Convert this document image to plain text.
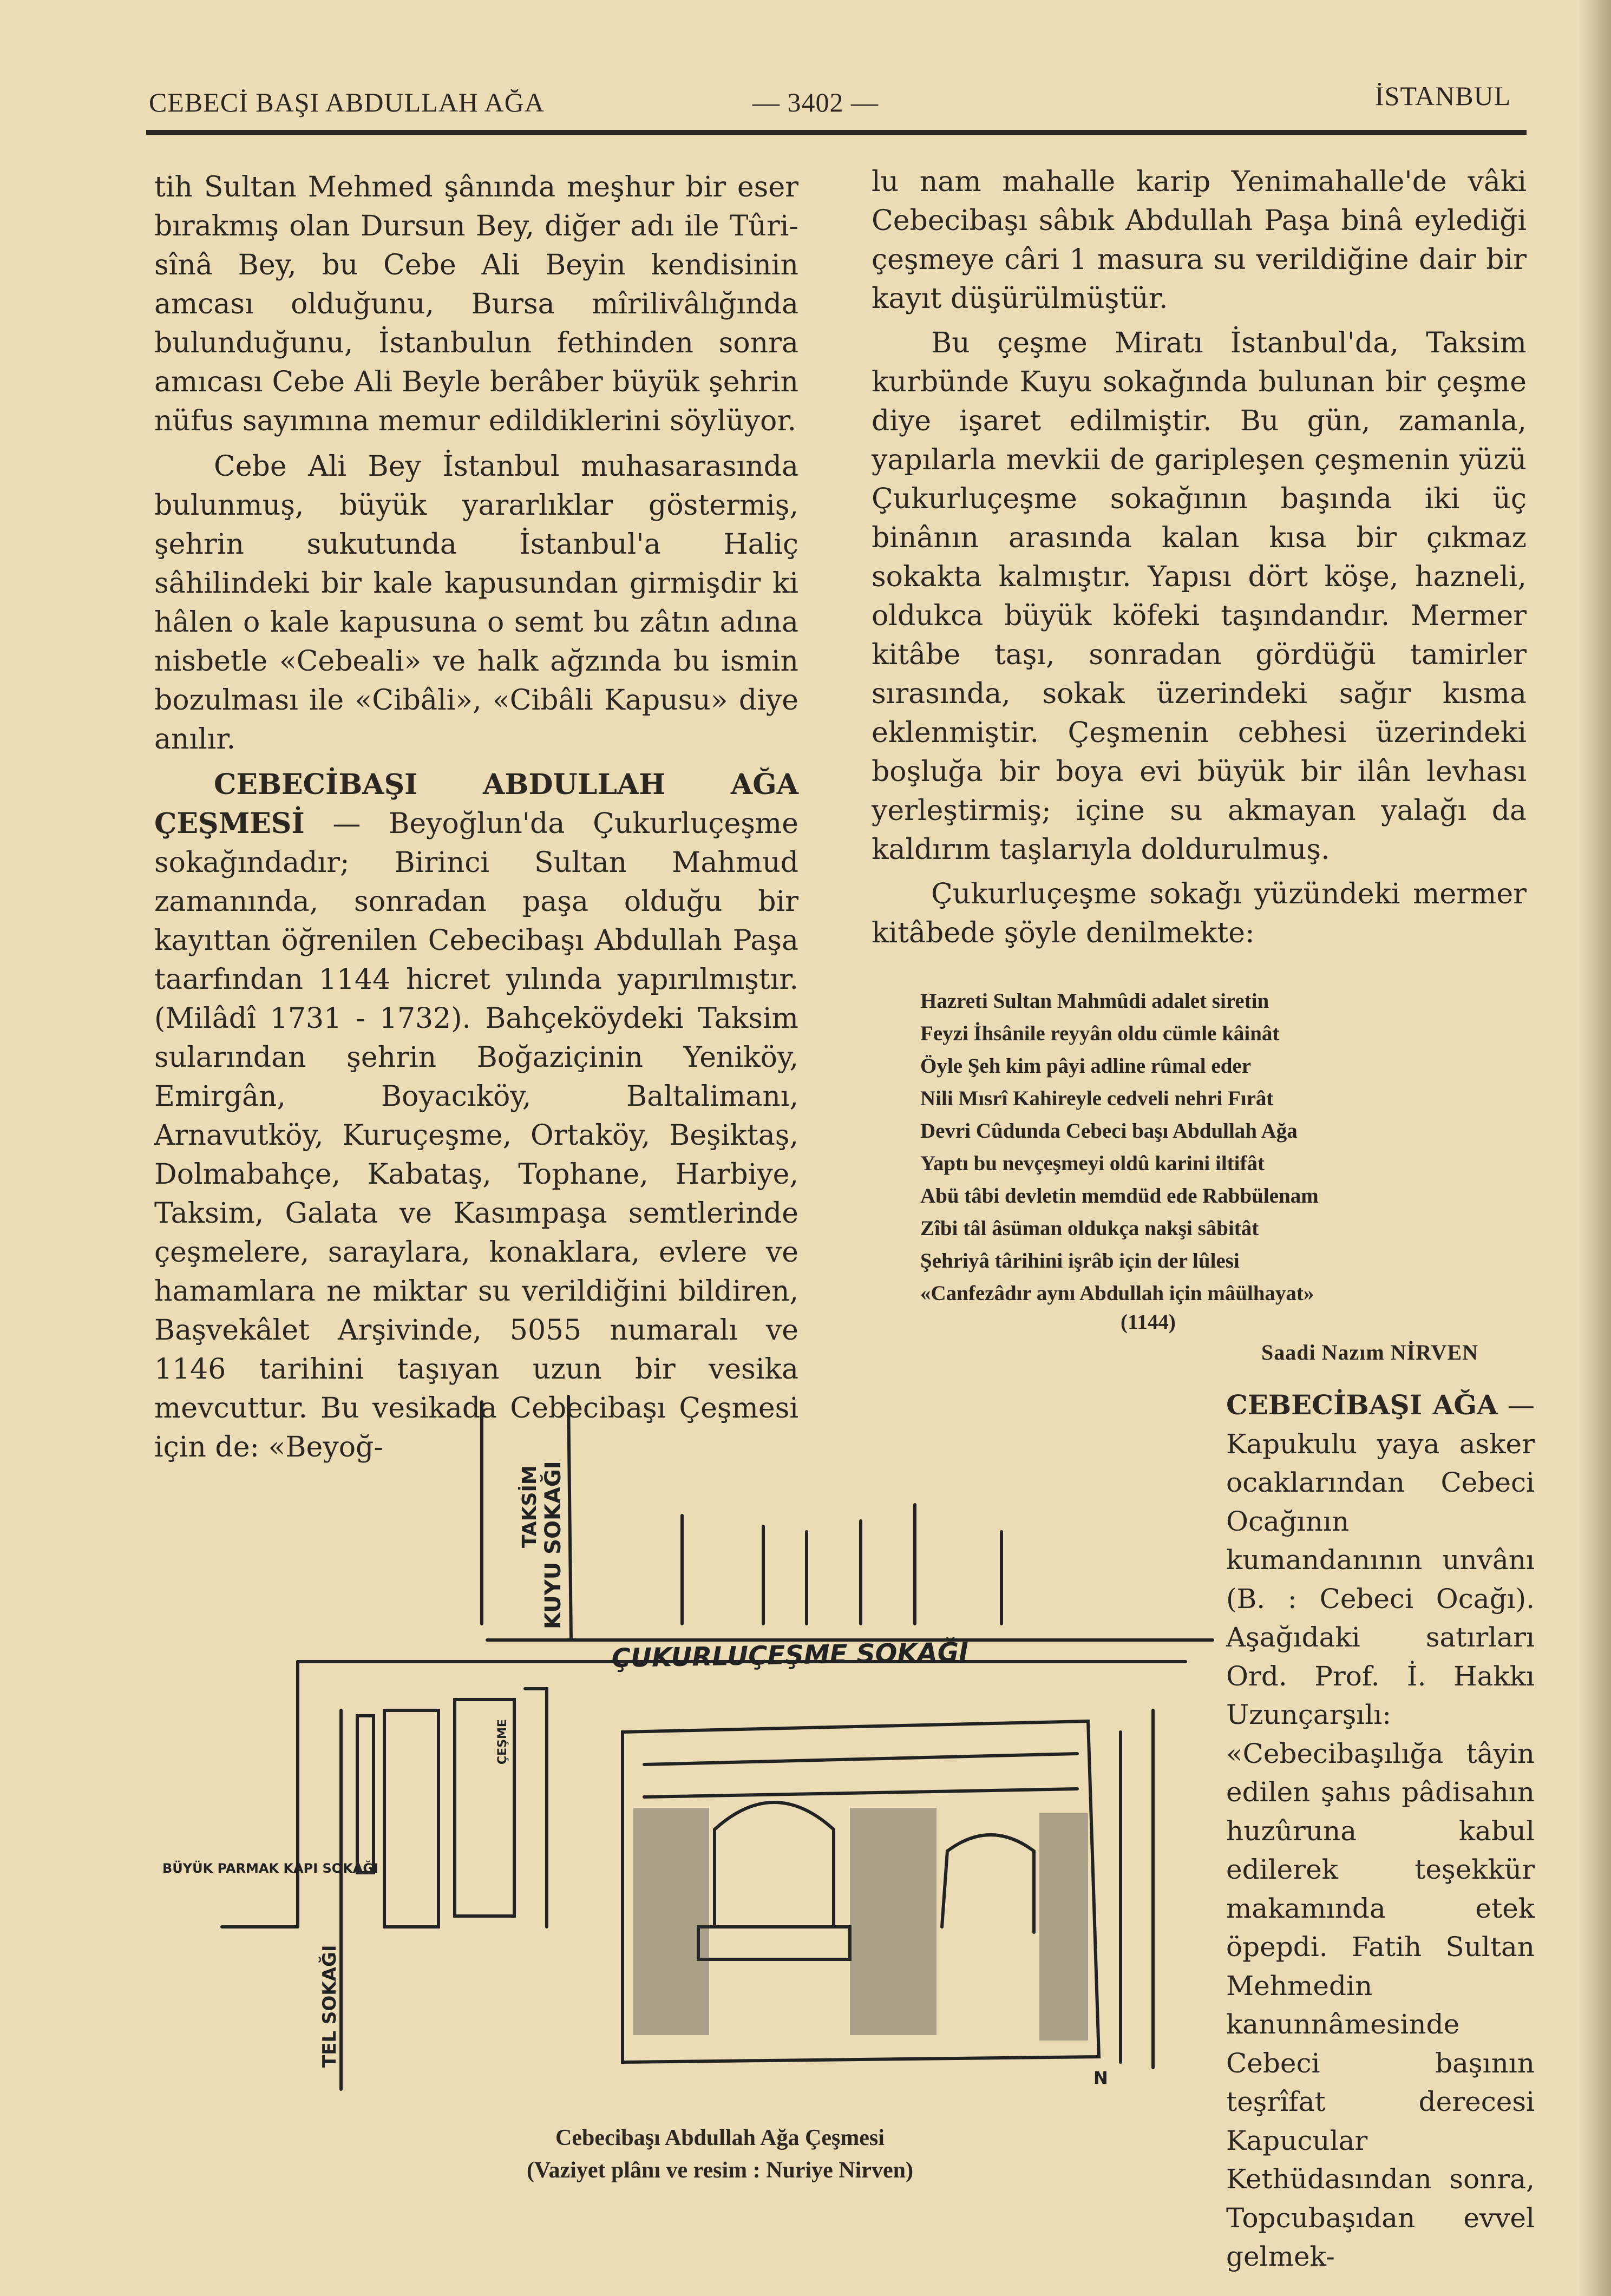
CEBECİ BAŞI ABDULLAH AĞA	— 3402 —	İSTANBUL

tih Sultan Mehmed şânında meşhur bir eser bırakmış olan Dursun Bey, diğer adı ile Tûri-sînâ Bey, bu Cebe Ali Beyin kendisinin amcası olduğunu, Bursa mîrilivâlığında bulunduğunu, İstanbulun fethinden sonra amıcası Cebe Ali Beyle berâber büyük şehrin nüfus sayımına memur edildiklerini söylüyor.

Cebe Ali Bey İstanbul muhasarasında bulunmuş, büyük yararlıklar göstermiş, şehrin sukutunda İstanbul'a Haliç sâhilindeki bir kale kapusundan girmişdir ki hâlen o kale kapusuna o semt bu zâtın adına nisbetle «Cebeali» ve halk ağzında bu ismin bozulması ile «Cibâli», «Cibâli Kapusu» diye anılır.

CEBECİBAŞI ABDULLAH AĞA ÇEŞMESİ — Beyoğlun'da Çukurluçeşme sokağındadır; Birinci Sultan Mahmud zamanında, sonradan paşa olduğu bir kayıttan öğrenilen Cebecibaşı Abdullah Paşa taarfından 1144 hicret yılında yapırılmıştır. (Milâdî 1731 - 1732). Bahçeköydeki Taksim sularından şehrin Boğaziçinin Yeniköy, Emirgân, Boyacıköy, Baltalimanı, Arnavutköy, Kuruçeşme, Ortaköy, Beşiktaş, Dolmabahçe, Kabataş, Tophane, Harbiye, Taksim, Galata ve Kasımpaşa semtlerinde çeşmelere, saraylara, konaklara, evlere ve hamamlara ne miktar su verildiğini bildiren, Başvekâlet Arşivinde, 5055 numaralı ve 1146 tarihini taşıyan uzun bir vesika mevcuttur. Bu vesikada Cebecibaşı Çeşmesi için de: «Beyoğ-

lu nam mahalle karip Yenimahalle'de vâki Cebecibaşı sâbık Abdullah Paşa binâ eylediği çeşmeye câri 1 masura su verildiğine dair bir kayıt düşürülmüştür.

Bu çeşme Miratı İstanbul'da, Taksim kurbünde Kuyu sokağında bulunan bir çeşme diye işaret edilmiştir. Bu gün, zamanla, yapılarla mevkii de garipleşen çeşmenin yüzü Çukurluçeşme sokağının başında iki üç binânın arasında kalan kısa bir çıkmaz sokakta kalmıştır. Yapısı dört köşe, hazneli, oldukca büyük köfeki taşındandır. Mermer kitâbe taşı, sonradan gördüğü tamirler sırasında, sokak üzerindeki sağır kısma eklenmiştir. Çeşmenin cebhesi üzerindeki boşluğa bir boya evi büyük bir ilân levhası yerleştirmiş; içine su akmayan yalağı da kaldırım taşlarıyla doldurulmuş.

Çukurluçeşme sokağı yüzündeki mermer kitâbede şöyle denilmekte:

Hazreti Sultan Mahmûdi adalet siretin
Feyzi İhsânile reyyân oldu cümle kâinât
Öyle Şeh kim pâyi adline rûmal eder
Nili Mısrî Kahireyle cedveli nehri Fırât
Devri Cûdunda Cebeci başı Abdullah Ağa
Yaptı bu nevçeşmeyi oldû karini iltifât
Abü tâbi devletin memdüd ede Rabbülenam
Zîbi tâl âsüman oldukça nakşi sâbitât
Şehriyâ târihini işrâb için der lûlesi
«Canfezâdır aynı Abdullah için mâülhayat»
(1144)
Saadi Nazım NİRVEN

CEBECİBAŞI AĞA — Kapukulu yaya asker ocaklarından Cebeci Ocağının kumandanının unvânı (B. : Cebeci Ocağı). Aşağıdaki satırları Ord. Prof. İ. Hakkı Uzunçarşılı: «Cebecibaşılığa tâyin edilen şahıs pâdisahın huzûruna kabul edilerek teşekkür makamında etek öpepdi. Fatih Sultan Mehmedin kanunnâmesinde Cebeci başının teşrîfat derecesi Kapucular Kethüdasından sonra, Topcubaşıdan evvel gelmek-

ÇUKURLUÇEŞME SOKAĞI
KUYU SOKAĞI
TAKSİM
BÜYÜK PARMAK KAPI SOKAĞI
TEL SOKAĞI
ÇEŞME
N
Cebecibaşı Abdullah Ağa Çeşmesi
(Vaziyet plânı ve resim : Nuriye Nirven)
